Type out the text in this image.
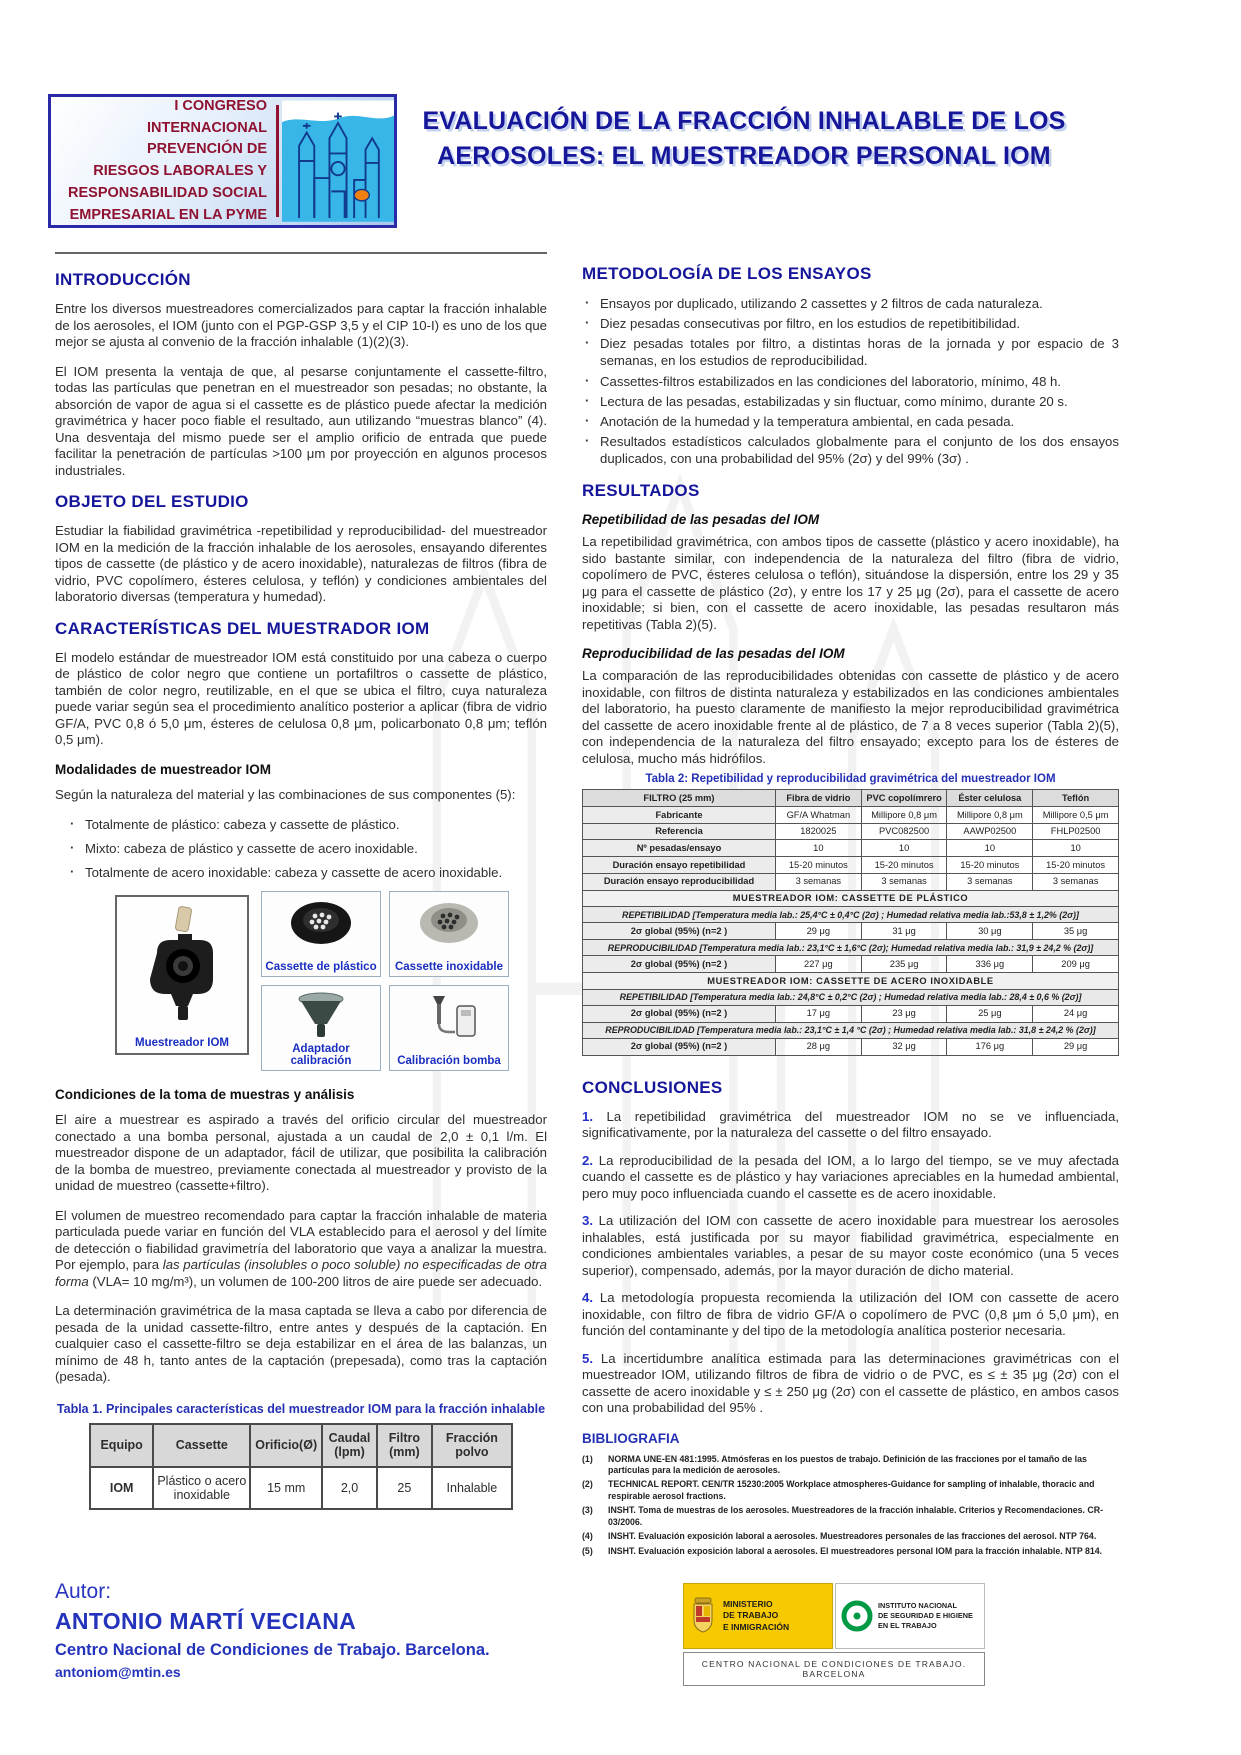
I CONGRESO INTERNACIONAL
PREVENCIÓN DE
RIESGOS LABORALES Y
RESPONSABILIDAD SOCIAL
EMPRESARIAL EN LA PYME
EVALUACIÓN DE LA FRACCIÓN INHALABLE DE LOS
AEROSOLES: EL MUESTREADOR PERSONAL IOM
INTRODUCCIÓN

Entre los diversos muestreadores comercializados para captar la fracción inhalable de los aerosoles, el IOM (junto con el PGP-GSP 3,5 y el CIP 10-I) es uno de los que mejor se ajusta al convenio de la fracción inhalable (1)(2)(3).

El IOM presenta la ventaja de que, al pesarse conjuntamente el cassette-filtro, todas las partículas que penetran en el muestreador son pesadas; no obstante, la absorción de vapor de agua si el cassette es de plástico puede afectar la medición gravimétrica y hacer poco fiable el resultado, aun utilizando “muestras blanco” (4). Una desventaja del mismo puede ser el amplio orificio de entrada que puede facilitar la penetración de partículas >100 μm por proyección en algunos procesos industriales.

OBJETO DEL ESTUDIO

Estudiar la fiabilidad gravimétrica -repetibilidad y reproducibilidad- del muestreador IOM en la medición de la fracción inhalable de los aerosoles, ensayando diferentes tipos de cassette (de plástico y de acero inoxidable), naturalezas de filtros (fibra de vidrio, PVC copolímero, ésteres celulosa, y teflón) y condiciones ambientales del laboratorio diversas (temperatura y humedad).

CARACTERÍSTICAS DEL MUESTRADOR IOM

El modelo estándar de muestreador IOM está constituido por una cabeza o cuerpo de plástico de color negro que contiene un portafiltros o cassette de plástico, también de color negro, reutilizable, en el que se ubica el filtro, cuya naturaleza puede variar según sea el procedimiento analítico posterior a aplicar (fibra de vidrio GF/A, PVC 0,8 ó 5,0 μm, ésteres de celulosa 0,8 μm, policarbonato 0,8 μm; teflón 0,5 μm).

Modalidades de muestreador IOM

Según la naturaleza del material y las combinaciones de sus componentes (5):

· Totalmente de plástico: cabeza y cassette de plástico.
· Mixto: cabeza de plástico y cassette de acero inoxidable.
· Totalmente de acero inoxidable: cabeza y cassette de acero inoxidable.
Muestreador IOM
Cassette de plástico Cassette inoxidable
Adaptador calibración	Calibración bomba
Condiciones de la toma de muestras y análisis

El aire a muestrear es aspirado a través del orificio circular del muestreador conectado a una bomba personal, ajustada a un caudal de 2,0 ± 0,1 l/m. El muestreador dispone de un adaptador, fácil de utilizar, que posibilita la calibración de la bomba de muestreo, previamente conectada al muestreador y provisto de la unidad de muestreo (cassette+filtro).

El volumen de muestreo recomendado para captar la fracción inhalable de materia particulada puede variar en función del VLA establecido para el aerosol y del límite de detección o fiabilidad gravimetría del laboratorio que vaya a analizar la muestra. Por ejemplo, para las partículas (insolubles o poco soluble) no especificadas de otra forma (VLA= 10 mg/m³), un volumen de 100-200 litros de aire puede ser adecuado.

La determinación gravimétrica de la masa captada se lleva a cabo por diferencia de pesada de la unidad cassette-filtro, entre antes y después de la captación. En cualquier caso el cassette-filtro se deja estabilizar en el área de las balanzas, un mínimo de 48 h, tanto antes de la captación (prepesada), como tras la captación (pesada).

Tabla 1. Principales características del muestreador IOM para la fracción inhalable
Equipo	Cassette	Orificio(Ø)	Caudal (lpm)	Filtro (mm)	Fracción polvo
IOM	Plástico o acero inoxidable	15 mm	2,0	25	Inhalable
METODOLOGÍA DE LOS ENSAYOS
· Ensayos por duplicado, utilizando 2 cassettes y 2 filtros de cada naturaleza.
· Diez pesadas consecutivas por filtro, en los estudios de repetibitibilidad.
· Diez pesadas totales por filtro, a distintas horas de la jornada y por espacio de 3 semanas, en los estudios de reproducibilidad.
· Cassettes-filtros estabilizados en las condiciones del laboratorio, mínimo, 48 h.
· Lectura de las pesadas, estabilizadas y sin fluctuar, como mínimo, durante 20 s.
· Anotación de la humedad y la temperatura ambiental, en cada pesada.
· Resultados estadísticos calculados globalmente para el conjunto de los dos ensayos duplicados, con una probabilidad del 95% (2σ) y del 99% (3σ) .
RESULTADOS
Repetibilidad de las pesadas del IOM

La repetibilidad gravimétrica, con ambos tipos de cassette (plástico y acero inoxidable), ha sido bastante similar, con independencia de la naturaleza del filtro (fibra de vidrio, copolímero de PVC, ésteres celulosa o teflón), situándose la dispersión, entre los 29 y 35 μg para el cassette de plástico (2σ), y entre los 17 y 25 μg (2σ), para el cassette de acero inoxidable; si bien, con el cassette de acero inoxidable, las pesadas resultaron más repetitivas (Tabla 2)(5).

Reproducibilidad de las pesadas del IOM

La comparación de las reproducibilidades obtenidas con cassette de plástico y de acero inoxidable, con filtros de distinta naturaleza y estabilizados en las condiciones ambientales del laboratorio, ha puesto claramente de manifiesto la mejor reproducibilidad gravimétrica del cassette de acero inoxidable frente al de plástico, de 7 a 8 veces superior (Tabla 2)(5), con independencia de la naturaleza del filtro ensayado; excepto para los de ésteres de celulosa, mucho más hidrófilos.

Tabla 2: Repetibilidad y reproducibilidad gravimétrica del muestreador IOM
FILTRO (25 mm)	Fibra de vidrio	PVC copolímrero	Éster celulosa	Teflón
Fabricante	GF/A Whatman	Millipore 0,8 μm	Millipore 0,8 μm	Millipore 0,5 μm
Referencia	1820025	PVC082500	AAWP02500	FHLP02500
Nº pesadas/ensayo	10	10	10	10
Duración ensayo repetibilidad	15-20 minutos	15-20 minutos	15-20 minutos	15-20 minutos
Duración ensayo reproducibilidad	3 semanas	3 semanas	3 semanas	3 semanas
MUESTREADOR IOM: CASSETTE DE PLÁSTICO				
REPETIBILIDAD [Temperatura media lab.: 25,4°C ± 0,4°C (2σ) ; Humedad relativa media lab.:53,8 ± 1,2% (2σ)]				
2σ global (95%) (n=2 )	29 μg	31 μg	30 μg	35 μg
REPRODUCIBILIDAD [Temperatura media lab.: 23,1°C ± 1,6°C (2σ); Humedad relativa media lab.: 31,9 ± 24,2 % (2σ)]				
2σ global (95%) (n=2 )	227 μg	235 μg	336 μg	209 μg
MUESTREADOR IOM: CASSETTE DE ACERO INOXIDABLE				
REPETIBILIDAD [Temperatura media lab.: 24,8°C ± 0,2°C (2σ) ; Humedad relativa media lab.: 28,4 ± 0,6 % (2σ)]				
2σ global (95%) (n=2 )	17 μg	23 μg	25 μg	24 μg
REPRODUCIBILIDAD [Temperatura media lab.: 23,1°C ± 1,4 °C (2σ) ; Humedad relativa media lab.: 31,8 ± 24,2 % (2σ)]				
2σ global (95%) (n=2 )	28 μg	32 μg	176 μg	29 μg
CONCLUSIONES

1. La repetibilidad gravimétrica del muestreador IOM no se ve influenciada, significativamente, por la naturaleza del cassette o del filtro ensayado.

2. La reproducibilidad de la pesada del IOM, a lo largo del tiempo, se ve muy afectada cuando el cassette es de plástico y hay variaciones apreciables en la humedad ambiental, pero muy poco influenciada cuando el cassette es de acero inoxidable.

3. La utilización del IOM con cassette de acero inoxidable para muestrear los aerosoles inhalables, está justificada por su mayor fiabilidad gravimétrica, especialmente en condiciones ambientales variables, a pesar de su mayor coste económico (una 5 veces superior), compensado, además, por la mayor duración de dicho material.

4. La metodología propuesta recomienda la utilización del IOM con cassette de acero inoxidable, con filtro de fibra de vidrio GF/A o copolímero de PVC (0,8 μm ó 5,0 μm), en función del contaminante y del tipo de la metodología analítica posterior necesaria.

5. La incertidumbre analítica estimada para las determinaciones gravimétricas con el muestreador IOM, utilizando filtros de fibra de vidrio o de PVC, es ≤ ± 35 μg (2σ) con el cassette de acero inoxidable y ≤ ± 250 μg (2σ) con el cassette de plástico, en ambos casos con una probabilidad del 95% .

BIBLIOGRAFIA
(1)	NORMA UNE-EN 481:1995. Atmósferas en los puestos de trabajo. Definición de las fracciones por el tamaño de las partículas para la medición de aerosoles.
(2)	TECHNICAL REPORT. CEN/TR 15230:2005 Workplace atmospheres-Guidance for sampling of inhalable, thoracic and respirable aerosol fractions.
(3)	INSHT. Toma de muestras de los aerosoles. Muestreadores de la fracción inhalable. Criterios y Recomendaciones. CR-03/2006.
(4)	INSHT. Evaluación exposición laboral a aerosoles. Muestreadores personales de las fracciones del aerosol. NTP 764.
(5)	INSHT. Evaluación exposición laboral a aerosoles. El muestreadores personal IOM para la fracción inhalable. NTP 814.
Autor:
ANTONIO MARTÍ VECIANA
Centro Nacional de Condiciones de Trabajo. Barcelona.
antoniom@mtin.es
MINISTERIO
DE TRABAJO
E INMIGRACIÓN
INSTITUTO NACIONAL
DE SEGURIDAD E HIGIENE
EN EL TRABAJO
CENTRO NACIONAL DE CONDICIONES DE TRABAJO. BARCELONA
